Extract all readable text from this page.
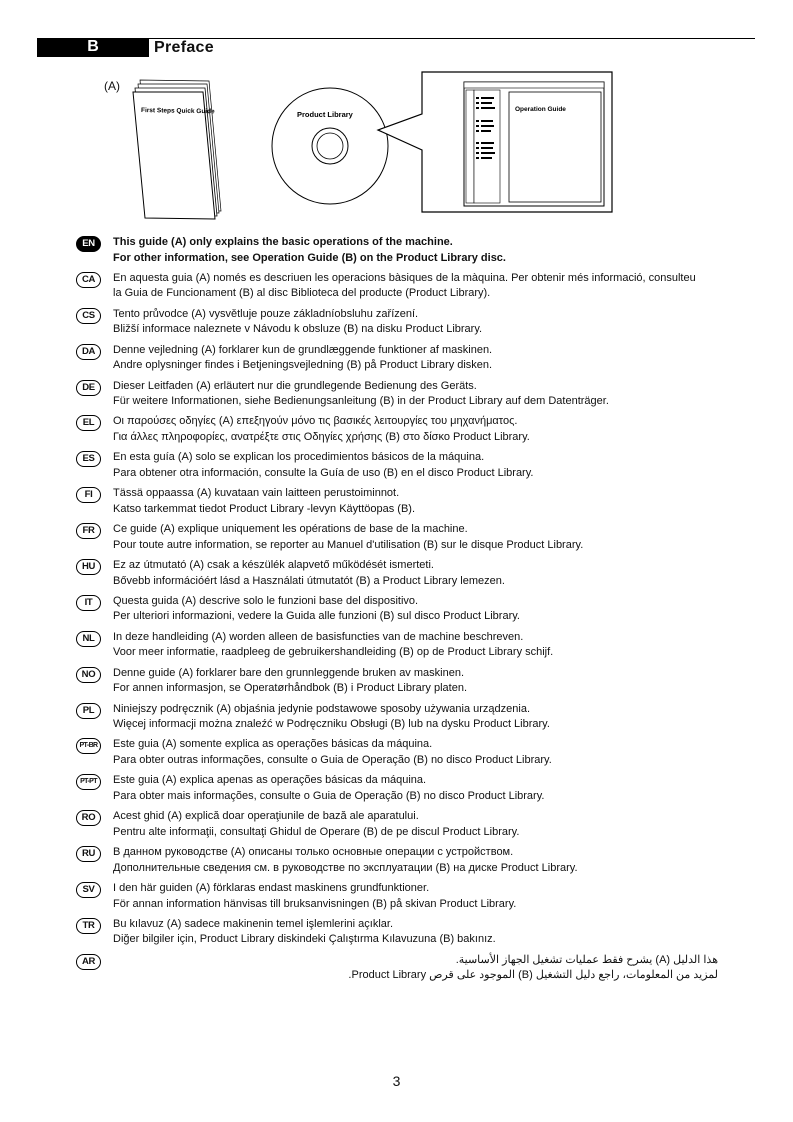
B	Preface
(A)
First Steps Quick Guide	Product Library
Operation Guide
EN	This guide (A) only explains the basic operations of the machine.

For other information, see Operation Guide (B) on the Product Library disc.

CA	En aquesta guia (A) només es descriuen les operacions bàsiques de la màquina. Per obtenir més informació, consulteu

la Guia de Funcionament (B) al disc Biblioteca del producte (Product Library).

CS	Tento průvodce (A) vysvětluje pouze základníobsluhu zařízení.

Bližší informace naleznete v Návodu k obsluze (B) na disku Product Library.

DA	Denne vejledning (A) forklarer kun de grundlæggende funktioner af maskinen.

Andre oplysninger findes i Betjeningsvejledning (B) på Product Library disken.

DE	Dieser Leitfaden (A) erläutert nur die grundlegende Bedienung des Geräts.

Für weitere Informationen, siehe Bedienungsanleitung (B) in der Product Library auf dem Datenträger.

EL	Οι παρούσες οδηγίες (A) επεξηγούν μόνο τις βασικές λειτουργίες του μηχανήματος.

Για άλλες πληροφορίες, ανατρέξτε στις Οδηγίες χρήσης (B) στο δίσκο Product Library.

ES	En esta guía (A) solo se explican los procedimientos básicos de la máquina.

Para obtener otra información, consulte la Guía de uso (B) en el disco Product Library.

FI	Tässä oppaassa (A) kuvataan vain laitteen perustoiminnot.

Katso tarkemmat tiedot Product Library -levyn Käyttöopas (B).

FR	Ce guide (A) explique uniquement les opérations de base de la machine.

Pour toute autre information, se reporter au Manuel d'utilisation (B) sur le disque Product Library.

HU	Ez az útmutató (A) csak a készülék alapvető működését ismerteti.

Bővebb információért lásd a Használati útmutatót (B) a Product Library lemezen.

IT	Questa guida (A) descrive solo le funzioni base del dispositivo.

Per ulteriori informazioni, vedere la Guida alle funzioni (B) sul disco Product Library.

NL	In deze handleiding (A) worden alleen de basisfuncties van de machine beschreven.

Voor meer informatie, raadpleeg de gebruikershandleiding (B) op de Product Library schijf.

NO	Denne guide (A) forklarer bare den grunnleggende bruken av maskinen.

For annen informasjon, se Operatørhåndbok (B) i Product Library platen.

PL	Niniejszy podręcznik (A) objaśnia jedynie podstawowe sposoby używania urządzenia.

Więcej informacji można znaleźć w Podręczniku Obsługi (B) lub na dysku Product Library.

PT-BR	Este guia (A) somente explica as operações básicas da máquina.

Para obter outras informações, consulte o Guia de Operação (B) no disco Product Library.

PT-PT	Este guia (A) explica apenas as operações básicas da máquina.

Para obter mais informações, consulte o Guia de Operação (B) no disco Product Library.

RO	Acest ghid (A) explică doar operaţiunile de bază ale aparatului.

Pentru alte informaţii, consultaţi Ghidul de Operare (B) de pe discul Product Library.

RU	В данном руководстве (A) описаны только основные операции с устройством.

Дополнительные сведения см. в руководстве по эксплуатации (B) на диске Product Library.

SV	I den här guiden (A) förklaras endast maskinens grundfunktioner.

För annan information hänvisas till bruksanvisningen (B) på skivan Product Library.

TR	Bu kılavuz (A) sadece makinenin temel işlemlerini açıklar.

Diğer bilgiler için, Product Library diskindeki Çalıştırma Kılavuzuna (B) bakınız.

AR	هذا الدليل (A) يشرح فقط عمليات تشغيل الجهاز الأساسية.

لمزيد من المعلومات، راجع دليل التشغيل (B) الموجود على قرص Product Library.

3
